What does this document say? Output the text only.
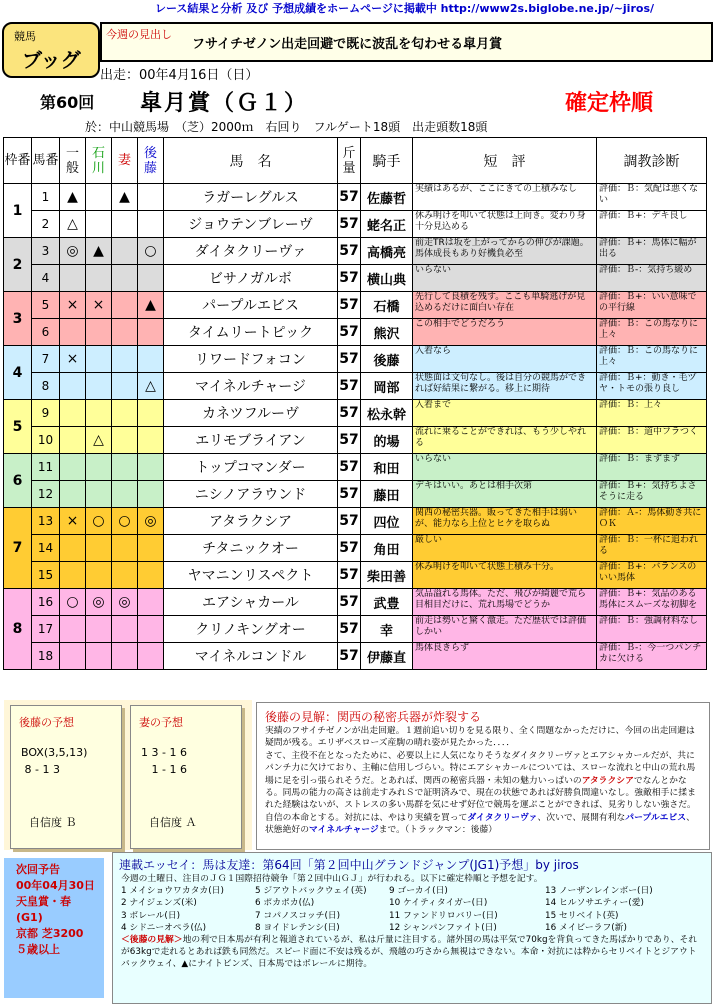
レース結果と分析 及び 予想成績をホームページに掲載中 http://www2s.biglobe.ne.jp/~jiros/
競馬
ブッグ
今週の見出し
フサイチゼノン出走回避で既に波乱を匂わせる皐月賞
出走：00年4月16日（日）
第60回 皐月賞（Ｇ１）	確定枠順
於：中山競馬場　（芝）2000ｍ　右回り　フルゲート18頭　出走頭数18頭
枠番	馬番	一般	石川	妻	後藤	馬　名	斤量	騎手	短　評	調教診断
1	1	▲		▲		ラガーレグルス	57	佐藤哲	実績はあるが、ここにきての上積みなし	評価：Ｂ：気配は悪くない
	2	△				ジョウテンブレーヴ	57	蛯名正	休み明けを叩いて状態は上向き。変わり身十分見込める	評価：Ｂ+：デキ良し
2	3	◎	▲		○	ダイタクリーヴァ	57	高橋亮	前走TRは坂を上がってからの伸びが課題。馬体成長もあり好機負必至	評価：Ｂ+：馬体に幅が出る
	4					ビサノガルボ	57	横山典	いらない	評価：Ｂ-：気持ち緩め
3	5	×	×		▲	パープルエビス	57	石橋	先行して良積を残す。ここも単騎逃げが見込めるだけに面白い存在	評価：Ｂ+：いい意味での平行線
	6					タイムリートピック	57	熊沢	この相手でどうだろう	評価：Ｂ：この馬なりに上々
4	7	×				リワードフォコン	57	後藤	入着なら	評価：Ｂ：この馬なりに上々
	8				△	マイネルチャージ	57	岡部	状態面は文句なし。後は自分の競馬ができれば好結果に繋がる。移上に期待	評価：Ｂ+：動き・毛ヅヤ・トモの張り良し
5	9					カネツフルーヴ	57	松永幹	入着まで	評価：Ｂ：上々
	10		△			エリモブライアン	57	的場	流れに乗ることができれば、もう少しやれる	評価：Ｂ：道中フラつく
6	11					トップコマンダー	57	和田	いらない	評価：Ｂ：まずまず
	12					ニシノアラウンド	57	藤田	デキはいい。あとは相手次第	評価：Ｂ+：気持ちよさそうに走る
7	13	×	○	○	◎	アタラクシア	57	四位	関西の秘密兵器。販ってきた相手は弱いが、能力なら上位とヒケを取らぬ	評価：Ａ-：馬体動き共にＯＫ
	14					チタニックオー	57	角田	厳しい	評価：Ｂ：一杯に追われる
	15					ヤマニンリスペクト	57	柴田善	休み明けを叩いて状態上積み十分。	評価：Ｂ+：バランスのいい馬体
8	16	○	◎	◎		エアシャカール	57	武豊	気品溢れる馬体。ただ、飛びが綺麗で荒ら目相目だけに、荒れ馬場でどうか	評価：Ｂ+：気品のある馬体にスムーズな初脚を
	17					クリノキングオー	57	幸	前走は勢いと驚く激走。ただ歴状では評価しかい	評価：Ｂ：強調材料なし
	18					マイネルコンドル	57	伊藤直	馬体良きらず	評価：Ｂ-：今一つパンチカに欠ける
後藤の予想
BOX(3,5,13)
8 - 1 3
自信度 Ｂ
妻の予想
1 3 - 1 6
1 - 1 6
自信度 Ａ
後藤の見解：関西の秘密兵器が炸裂する
実績のフサイチゼノンが出走回避。１週前追い切りを見る限り、全く問題なかっただけに、今回の出走回避は疑問が残る。エリザベスローズ産駒の晴れ姿が見たかった．．．．
さて、主役不在となったために、必要以上に人気になりそうなダイタクリーヴァとエアシャカールだが、共にパンチ力に欠けており、主軸に信用しづらい。特にエアシャカールについては、スローな流れと中山の荒れ馬場に足を引っ張られそうだ。とあれば、関西の秘密兵器・未知の魅力いっぱいのアタラクシアでなんとかなる。同馬の能力の高さは前走すみれＳで証明済みで、現在の状態であれば好勝負間違いなし。強敵相手に揉まれた経験はないが、ストレスの多い馬群を気にせず好位で競馬を運ぶことができれば、見劣りしない強さだ。自信の本命とする。対抗には、やはり実績を買ってダイタクリーヴァ、次いで、展開有利なパープルエビス、状態絶好のマイネルチャージまで。（トラックマン：後藤）
次回予告
00年04月30日
天皇賞・春
(G1)
京都 芝3200
５歳以上
連載エッセイ：馬は友達：第64回「第２回中山グランドジャンプ(JG1)予想」by jiros
今週の土曜日、注目のＪＧ１国際招待競争「第２回中山ＧＪ」が行われる。以下に確定枠順と予想を記す。
1 メイショウワカタカ(日)	5 ジアウトバックウェイ(英)	9 ゴーカイ(日)	13 ノーザンレインボー(日)
2 ナイジェンズ(米)	6 ポカポカ(仏)	10 ケイティタイガー(日)	14 ヒルソサエティー(愛)
3 ボレール(日)	7 コパノスコッチ(日)	11 ファンドリロバリー(日)	15 セリベイト(英)
4 シドニーオペラ(仏)	8 ヨイドレテンシ(日)	12 シャンパンファイト(日)	16 メイビーラフ(新)
＜後藤の見解＞地の利で日本馬が有利と報道されているが、私は斤量に注目する。諸外国の馬は平気で70kgを背負ってきた馬ばかりであり、それが63kgで走れるとあれば鉄も同然だ。スピード面に不安は残るが、飛越の巧さから無視はできない。本命・対抗には粋からセリベイトとジアウトバックウェイ、▲にナイトビンズ、日本馬ではボレールに期待。
